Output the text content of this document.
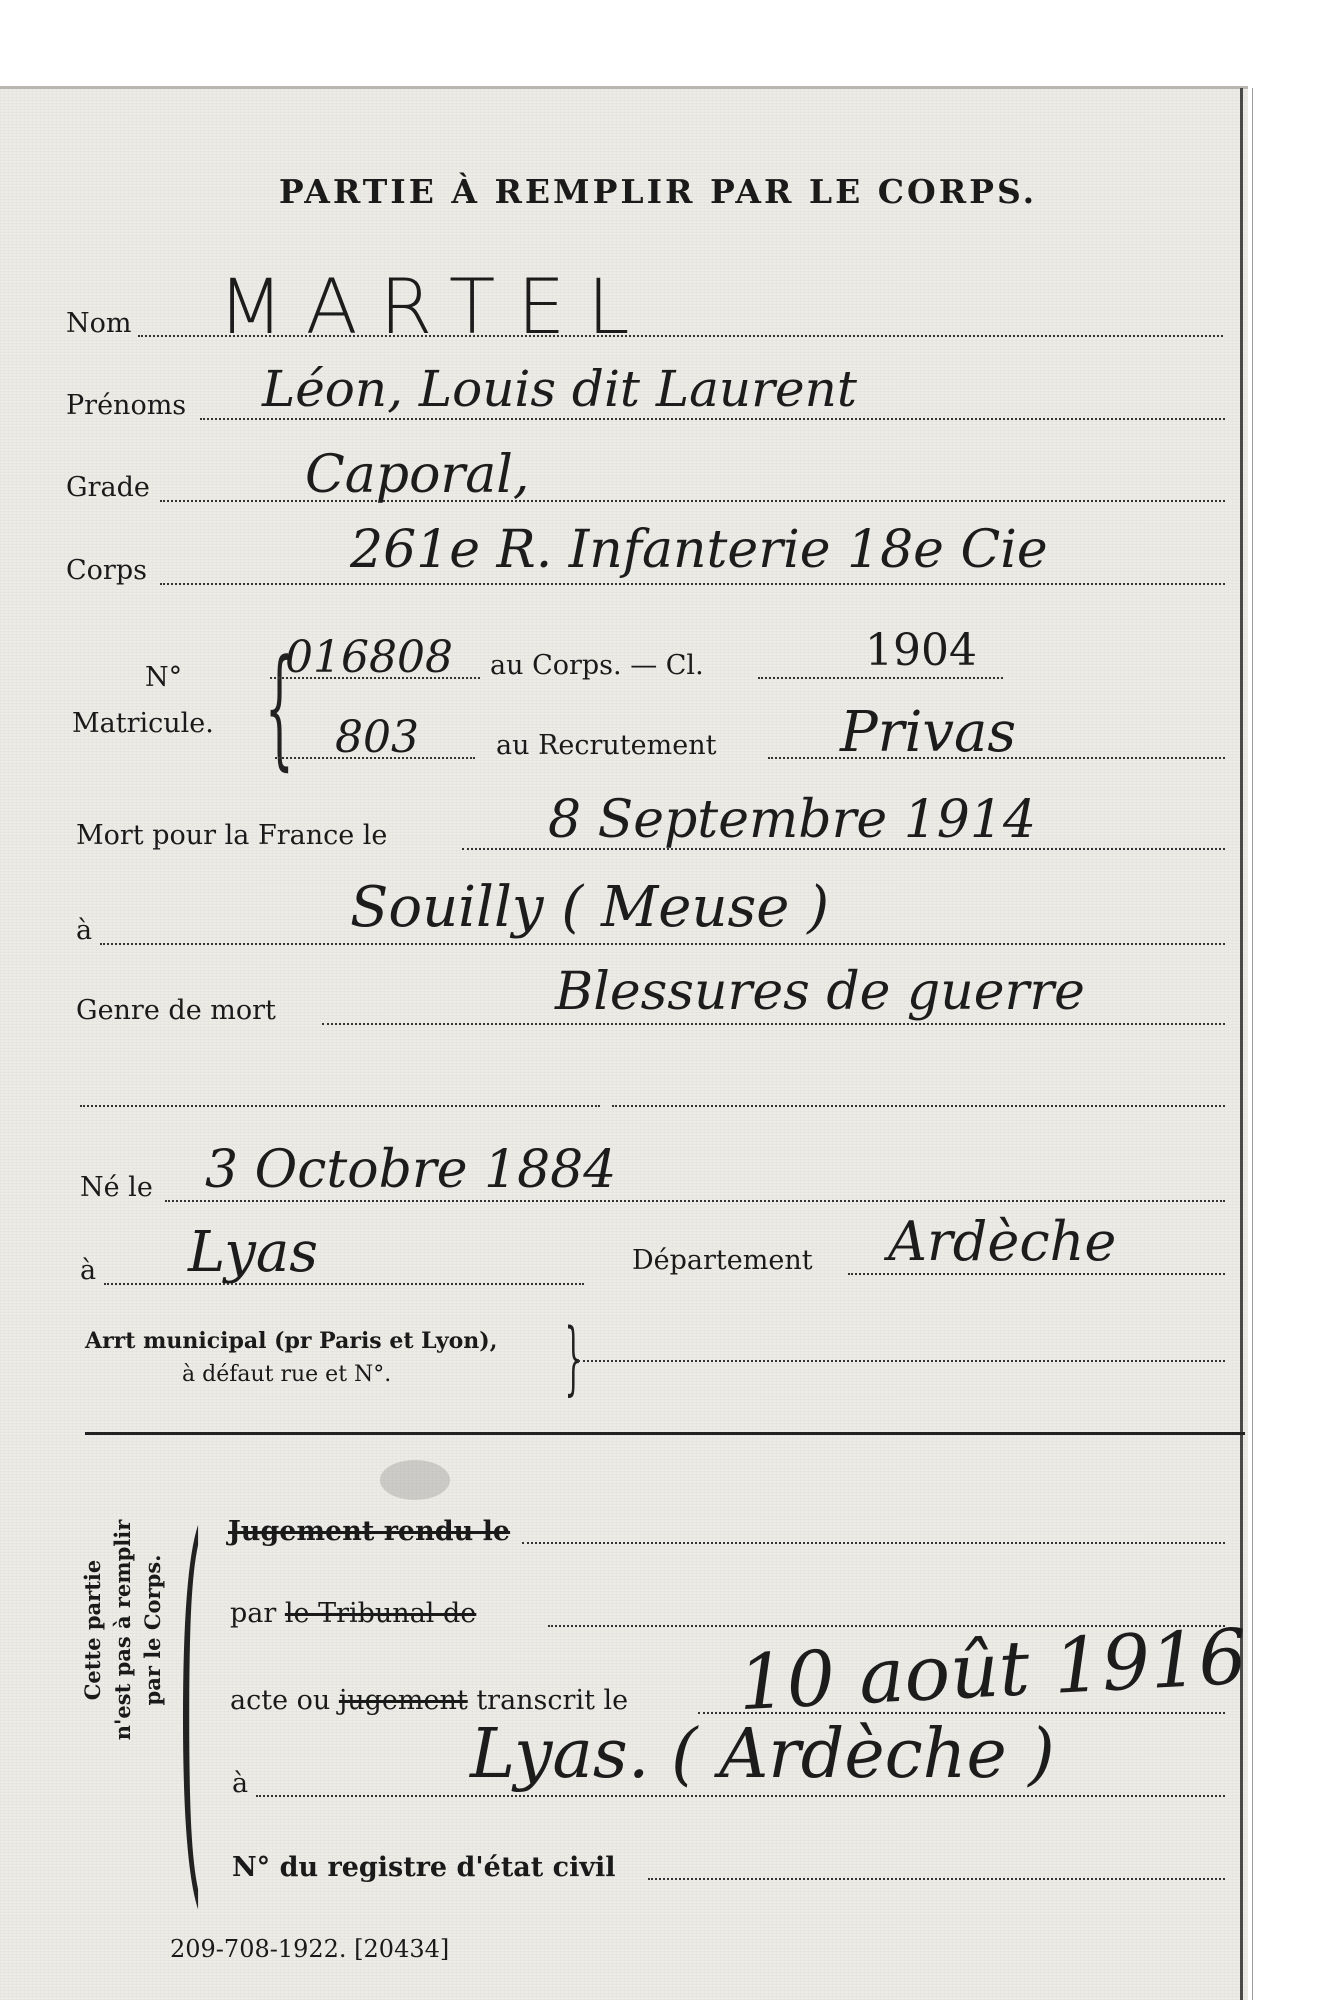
PARTIE À REMPLIR PAR LE CORPS.
Nom MARTEL
Prénoms Léon, Louis dit Laurent
Grade	Caporal,
Corps	261e R. Infanterie 18e Cie
N°
Matricule. {
016808 au Corps. — Cl.	1904
803	au Recrutement Privas
Mort pour la France le	8 Septembre 1914
à	Souilly ( Meuse )
Genre de mort	Blessures de guerre
Né le 3 Octobre 1884
à Lyas	Département Ardèche
Arrt municipal (pr Paris et Lyon),
à défaut rue et N°. }
Cette partie n'est pas à remplir par le Corps. ( Jugement rendu le
par le Tribunal de
acte ou jugement transcrit le 10 août 1916
à	Lyas. ( Ardèche )
N° du registre d'état civil
209-708-1922. [20434]
